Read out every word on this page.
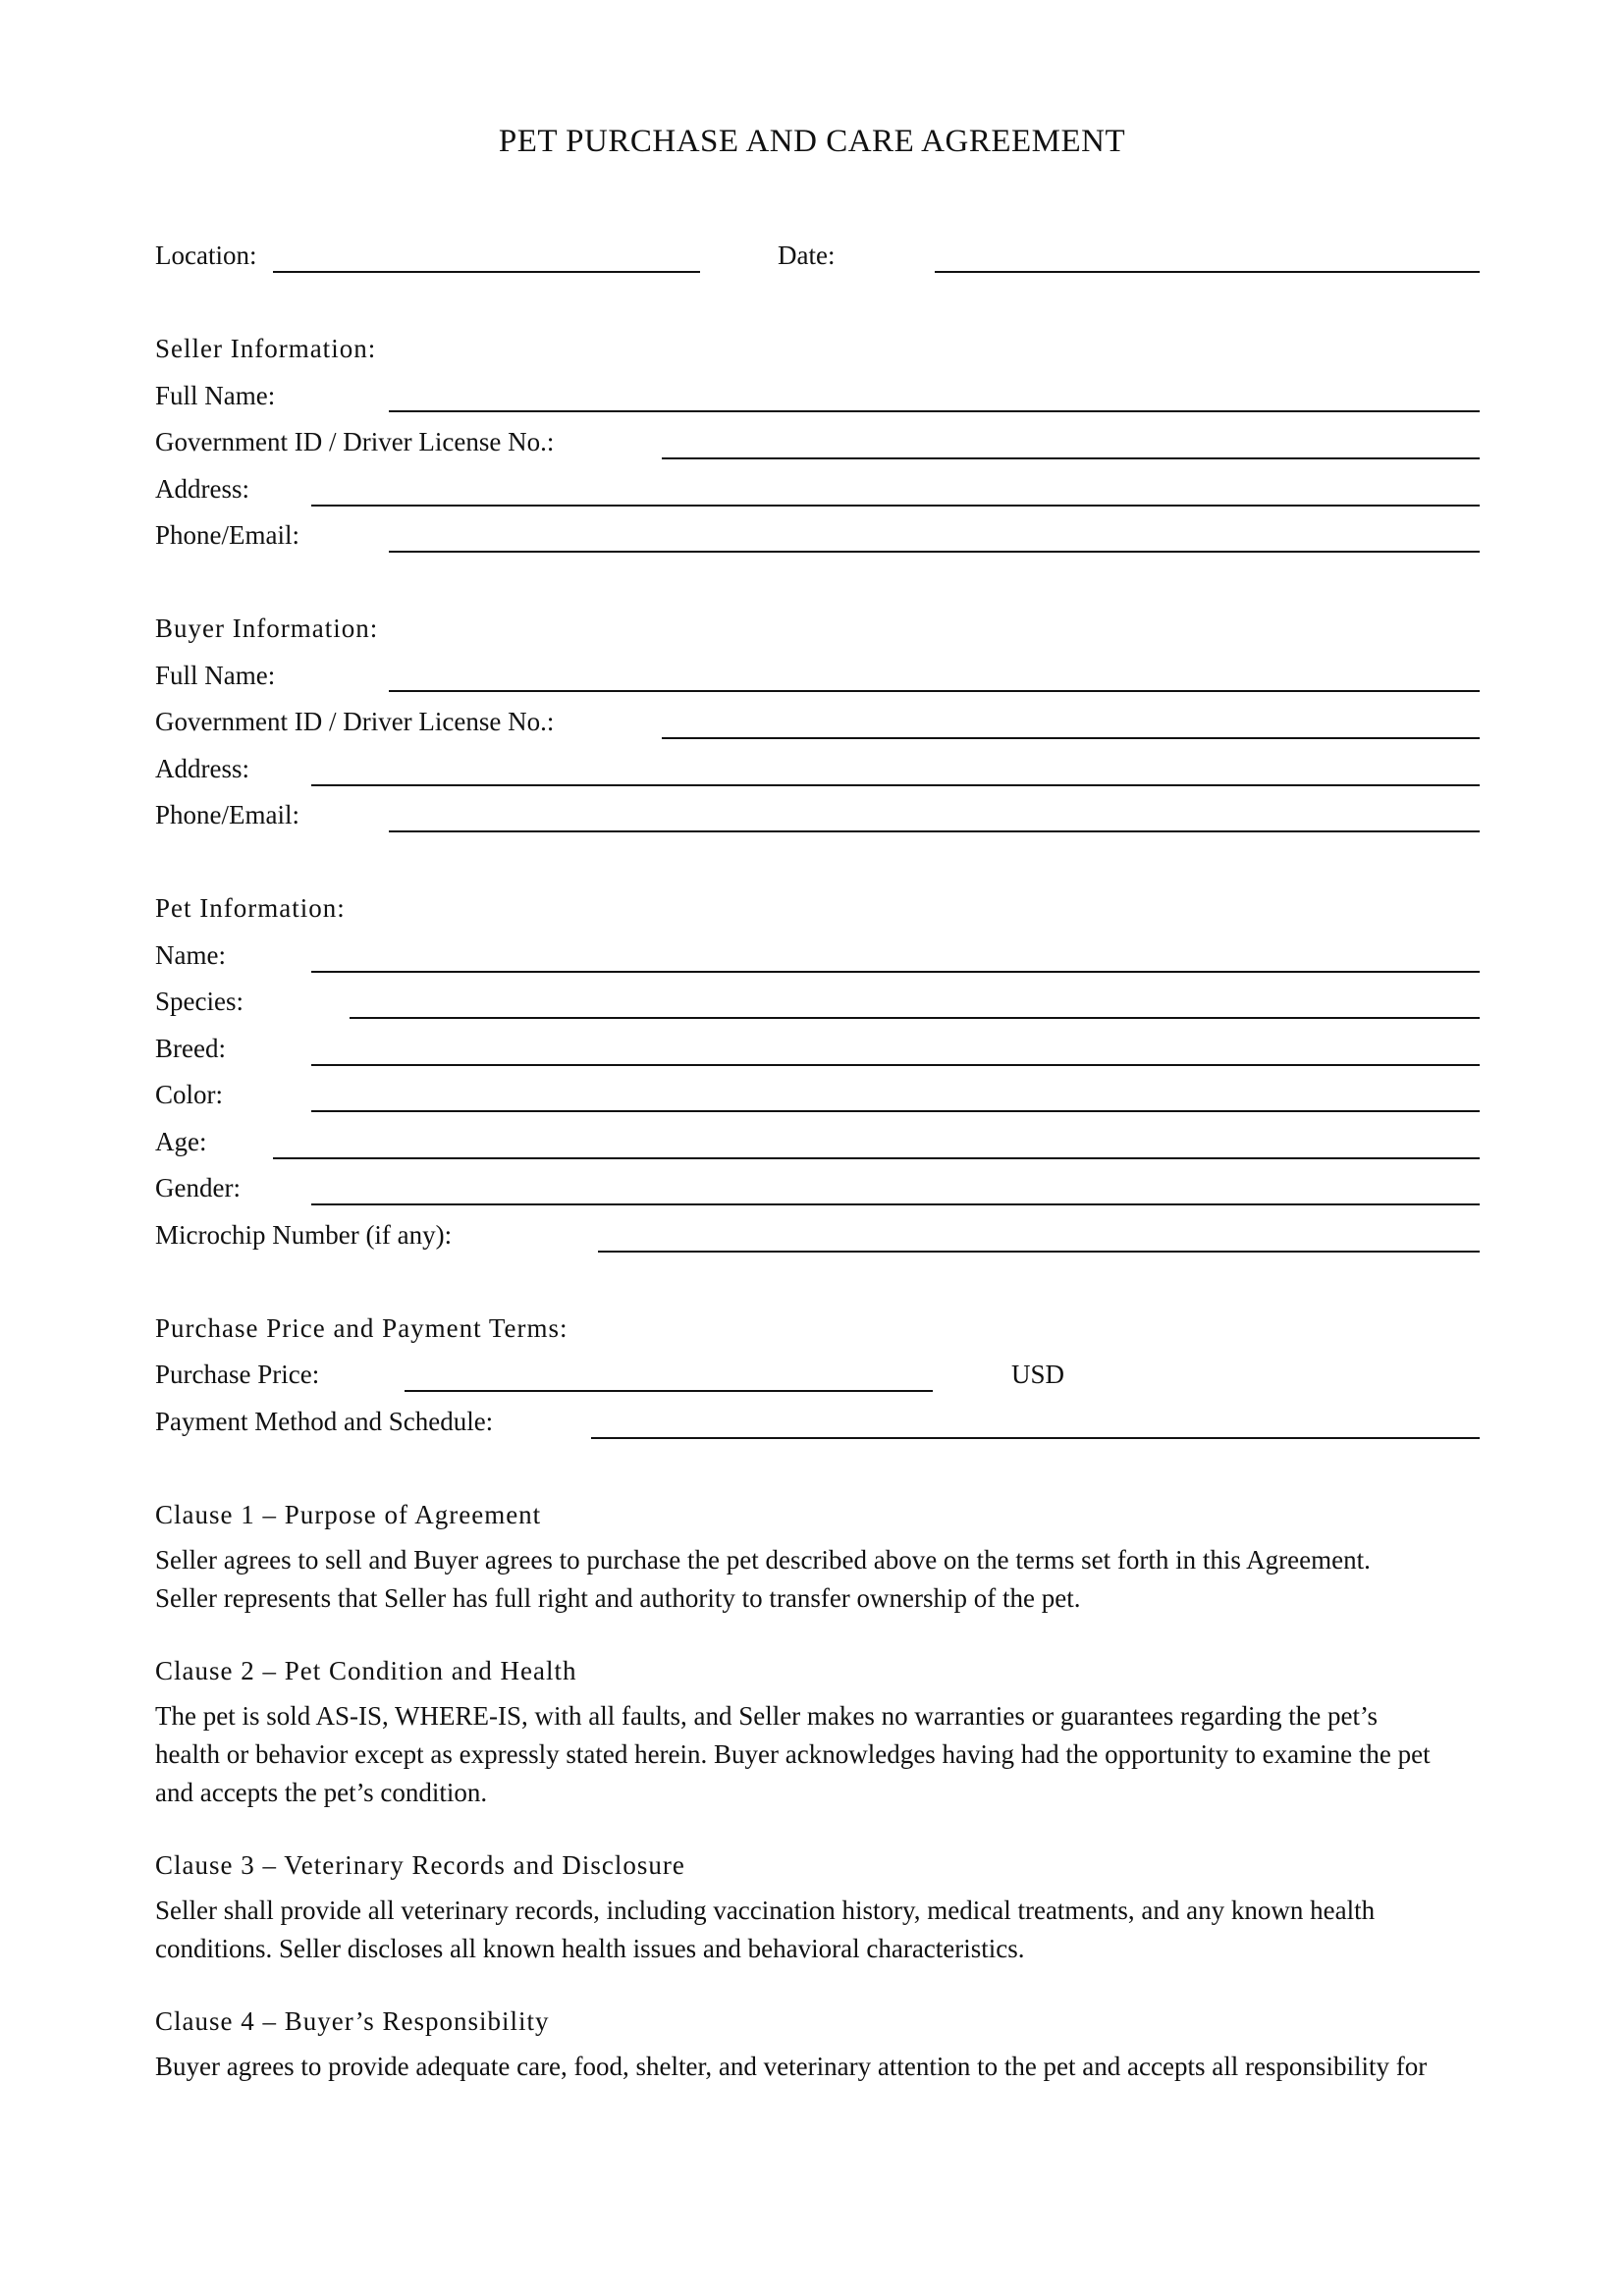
PET PURCHASE AND CARE AGREEMENT
Location:	Date:
Seller Information:
Full Name:
Government ID / Driver License No.:
Address:
Phone/Email:
Buyer Information:
Full Name:
Government ID / Driver License No.:
Address:
Phone/Email:
Pet Information:
Name:
Species:
Breed:
Color:
Age:
Gender:
Microchip Number (if any):
Purchase Price and Payment Terms:
Purchase Price:	USD
Payment Method and Schedule:
Clause 1 – Purpose of Agreement

Seller agrees to sell and Buyer agrees to purchase the pet described above on the terms set forth in this Agreement.

Seller represents that Seller has full right and authority to transfer ownership of the pet.

Clause 2 – Pet Condition and Health

The pet is sold AS-IS, WHERE-IS, with all faults, and Seller makes no warranties or guarantees regarding the pet’s

health or behavior except as expressly stated herein. Buyer acknowledges having had the opportunity to examine the pet

and accepts the pet’s condition.

Clause 3 – Veterinary Records and Disclosure

Seller shall provide all veterinary records, including vaccination history, medical treatments, and any known health

conditions. Seller discloses all known health issues and behavioral characteristics.

Clause 4 – Buyer’s Responsibility

Buyer agrees to provide adequate care, food, shelter, and veterinary attention to the pet and accepts all responsibility for
